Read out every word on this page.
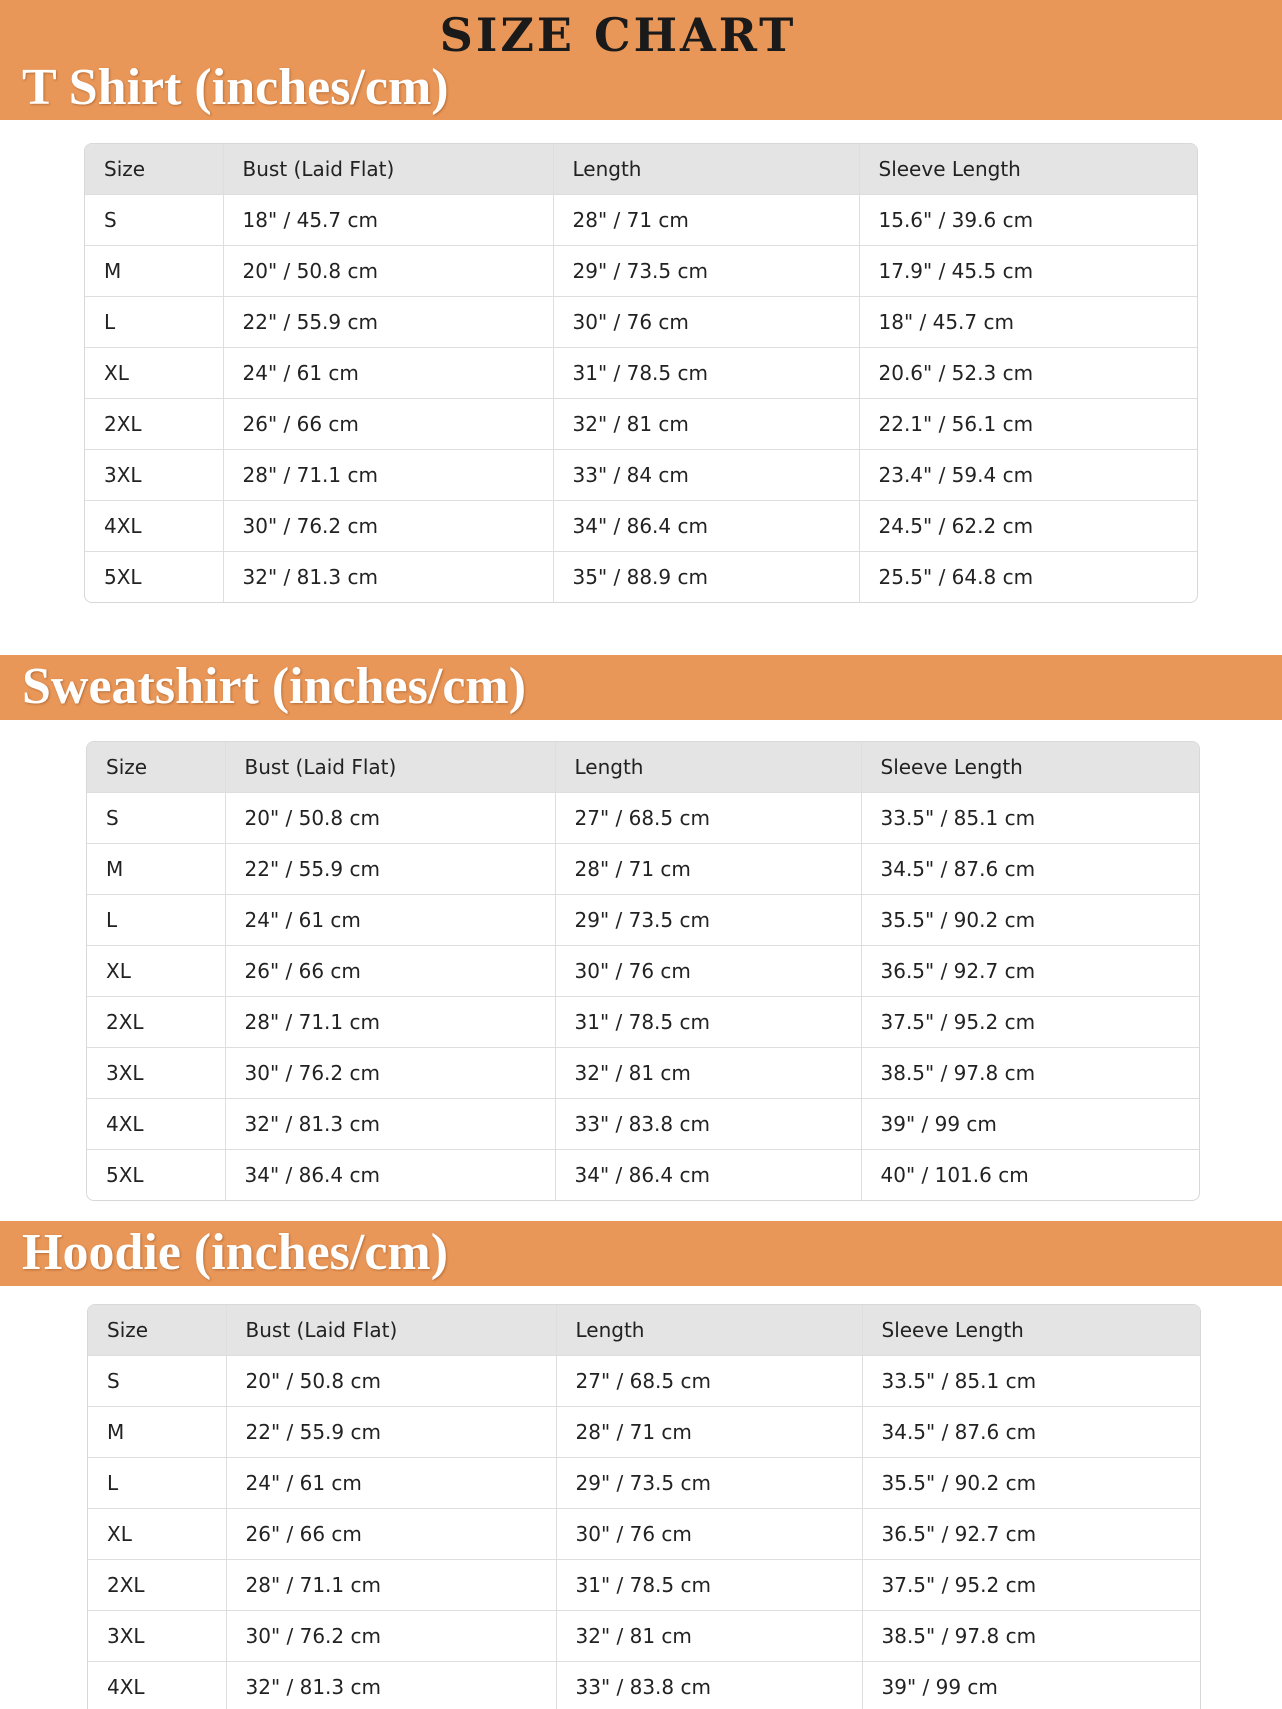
SIZE CHART
T Shirt (inches/cm)
Size	Bust (Laid Flat)	Length	Sleeve Length
S	18" / 45.7 cm	28" / 71 cm	15.6" / 39.6 cm
M	20" / 50.8 cm	29" / 73.5 cm	17.9" / 45.5 cm
L	22" / 55.9 cm	30" / 76 cm	18" / 45.7 cm
XL	24" / 61 cm	31" / 78.5 cm	20.6" / 52.3 cm
2XL	26" / 66 cm	32" / 81 cm	22.1" / 56.1 cm
3XL	28" / 71.1 cm	33" / 84 cm	23.4" / 59.4 cm
4XL	30" / 76.2 cm	34" / 86.4 cm	24.5" / 62.2 cm
5XL	32" / 81.3 cm	35" / 88.9 cm	25.5" / 64.8 cm
Sweatshirt (inches/cm)
Size	Bust (Laid Flat)	Length	Sleeve Length
S	20" / 50.8 cm	27" / 68.5 cm	33.5" / 85.1 cm
M	22" / 55.9 cm	28" / 71 cm	34.5" / 87.6 cm
L	24" / 61 cm	29" / 73.5 cm	35.5" / 90.2 cm
XL	26" / 66 cm	30" / 76 cm	36.5" / 92.7 cm
2XL	28" / 71.1 cm	31" / 78.5 cm	37.5" / 95.2 cm
3XL	30" / 76.2 cm	32" / 81 cm	38.5" / 97.8 cm
4XL	32" / 81.3 cm	33" / 83.8 cm	39" / 99 cm
5XL	34" / 86.4 cm	34" / 86.4 cm	40" / 101.6 cm
Hoodie (inches/cm)
Size	Bust (Laid Flat)	Length	Sleeve Length
S	20" / 50.8 cm	27" / 68.5 cm	33.5" / 85.1 cm
M	22" / 55.9 cm	28" / 71 cm	34.5" / 87.6 cm
L	24" / 61 cm	29" / 73.5 cm	35.5" / 90.2 cm
XL	26" / 66 cm	30" / 76 cm	36.5" / 92.7 cm
2XL	28" / 71.1 cm	31" / 78.5 cm	37.5" / 95.2 cm
3XL	30" / 76.2 cm	32" / 81 cm	38.5" / 97.8 cm
4XL	32" / 81.3 cm	33" / 83.8 cm	39" / 99 cm
